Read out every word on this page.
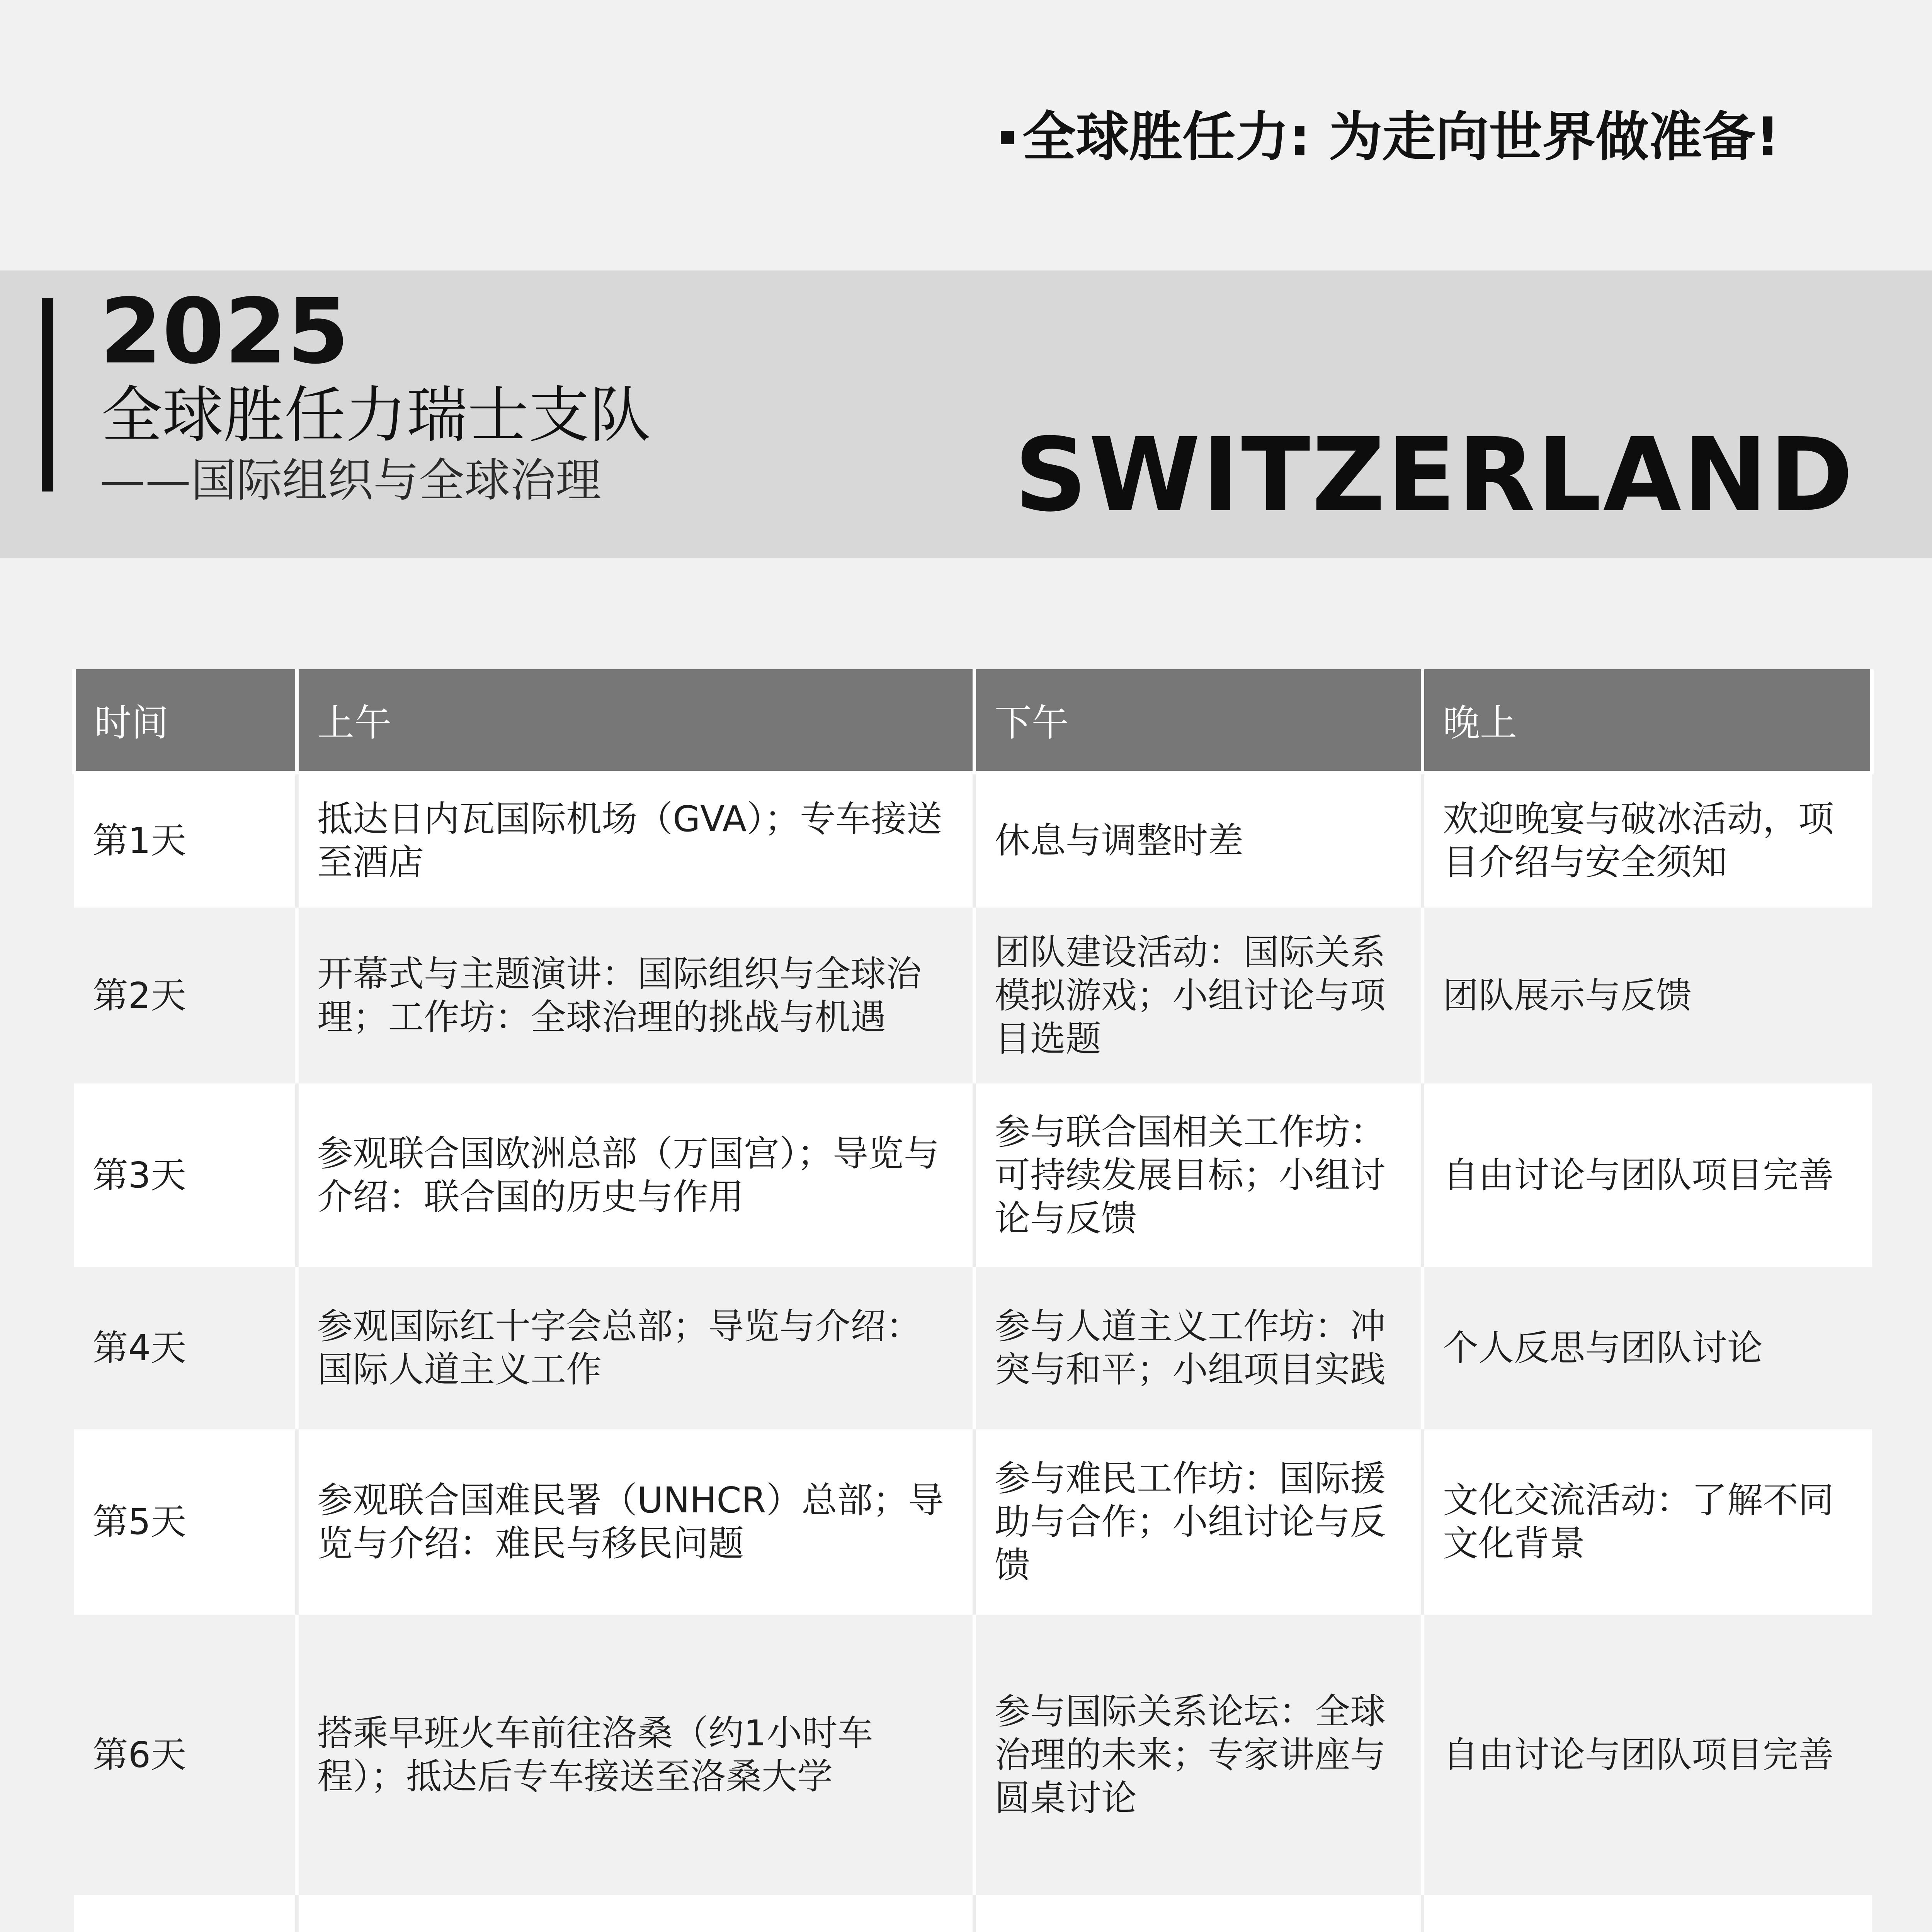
全球胜任力: 为走向世界做准备!
2025
全球胜任力瑞士支队
——国际组织与全球治理	SWITZERLAND
时间	上午	下午	晚上
第1天	抵达日内瓦国际机场（GVA）；专车接送至酒店	休息与调整时差	欢迎晚宴与破冰活动，项目介绍与安全须知
第2天	开幕式与主题演讲：国际组织与全球治理；工作坊：全球治理的挑战与机遇	团队建设活动：国际关系模拟游戏；小组讨论与项目选题	团队展示与反馈
第3天	参观联合国欧洲总部（万国宫）；导览与介绍：联合国的历史与作用	参与联合国相关工作坊：可持续发展目标；小组讨论与反馈	自由讨论与团队项目完善
第4天	参观国际红十字会总部；导览与介绍：国际人道主义工作	参与人道主义工作坊：冲突与和平；小组项目实践	个人反思与团队讨论
第5天	参观联合国难民署（UNHCR）总部；导览与介绍：难民与移民问题	参与难民工作坊：国际援助与合作；小组讨论与反馈	文化交流活动：了解不同文化背景
第6天	搭乘早班火车前往洛桑（约1小时车程）；抵达后专车接送至洛桑大学	参与国际关系论坛：全球治理的未来；专家讲座与圆桌讨论	自由讨论与团队项目完善
